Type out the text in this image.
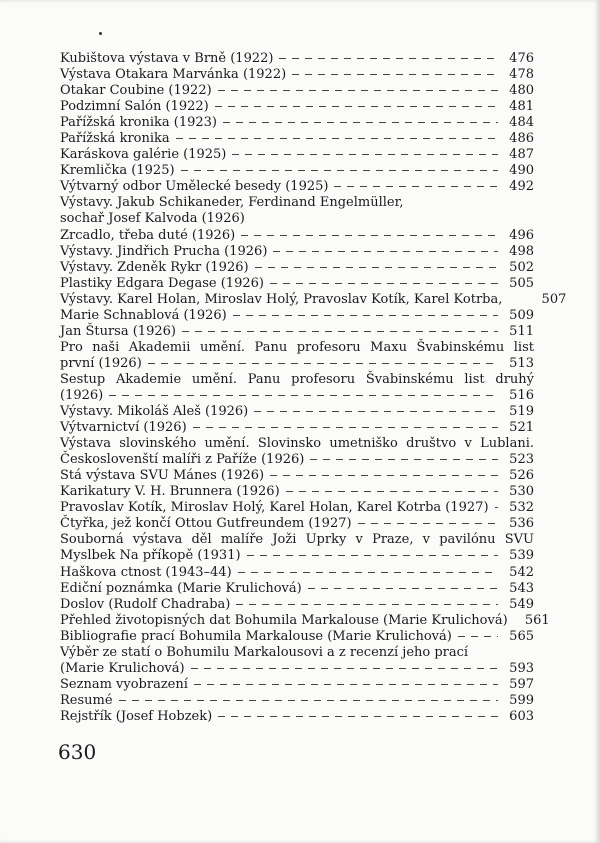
Kubištova výstava v Brně (1922)	476
Výstava Otakara Marvánka (1922)	478
Otakar Coubine (1922)	480
Podzimní Salón (1922)	481
Pařížská kronika (1923)	484
Pařížská kronika	486
Karáskova galérie (1925)	487
Kremlička (1925)	490
Výtvarný odbor Umělecké besedy (1925)	492
Výstavy. Jakub Schikaneder, Ferdinand Engelmüller,
sochař Josef Kalvoda (1926)
Zrcadlo, třeba duté (1926)	496
Výstavy. Jindřich Prucha (1926)	498
Výstavy. Zdeněk Rykr (1926)	502
Plastiky Edgara Degase (1926)	505
Výstavy. Karel Holan, Miroslav Holý, Pravoslav Kotík, Karel Kotrba,	507
Marie Schnablová (1926)	509
Jan Štursa (1926)	511
Pro naši Akademii umění. Panu profesoru Maxu Švabinskému list
první (1926)	513
Sestup Akademie umění. Panu profesoru Švabinskému list druhý
(1926)	516
Výstavy. Mikoláš Aleš (1926)	519
Výtvarnictví (1926)	521
Výstava slovinského umění. Slovinsko umetniško društvo v Lublani.
Českoslovenští malíři z Paříže (1926)	523
Stá výstava SVU Mánes (1926)	526
Karikatury V. H. Brunnera (1926)	530
Pravoslav Kotík, Miroslav Holý, Karel Holan, Karel Kotrba (1927) 532
Čtyřka, jež končí Ottou Gutfreundem (1927)	536
Souborná výstava děl malíře Joži Uprky v Praze, v pavilónu SVU
Myslbek Na příkopě (1931)	539
Haškova ctnost (1943–44)	542
Ediční poznámka (Marie Krulichová)	543
Doslov (Rudolf Chadraba)	549
Přehled životopisných dat Bohumila Markalouse (Marie Krulichová) 561
Bibliografie prací Bohumila Markalouse (Marie Krulichová)	565
Výběr ze statí o Bohumilu Markalousovi a z recenzí jeho prací
(Marie Krulichová)	593
Seznam vyobrazení	597
Resumé	599
Rejstřík (Josef Hobzek)	603
630
